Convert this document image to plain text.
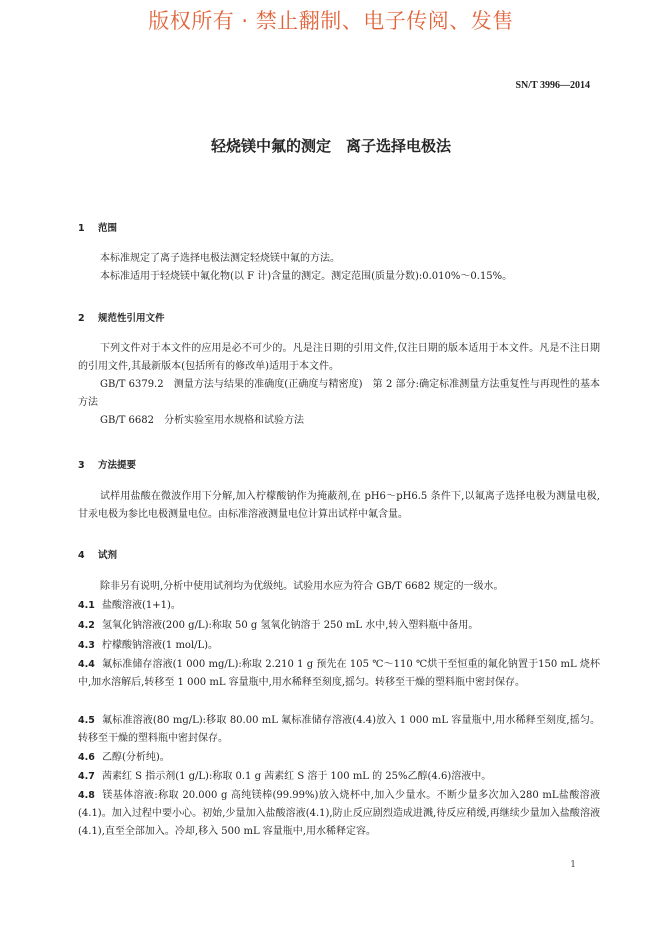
版权所有 · 禁止翻制、电子传阅、发售
SN/T 3996—2014
轻烧镁中氟的测定　离子选择电极法
1 范围
本标准规定了离子选择电极法测定轻烧镁中氟的方法。
本标准适用于轻烧镁中氟化物(以 F 计)含量的测定。测定范围(质量分数):0.010%～0.15%。
2 规范性引用文件
下列文件对于本文件的应用是必不可少的。凡是注日期的引用文件,仅注日期的版本适用于本文件。凡是不注日期的引用文件,其最新版本(包括所有的修改单)适用于本文件。
GB/T 6379.2　测量方法与结果的准确度(正确度与精密度)　第 2 部分:确定标准测量方法重复性与再现性的基本方法
GB/T 6682　分析实验室用水规格和试验方法
3 方法提要
试样用盐酸在微波作用下分解,加入柠檬酸钠作为掩蔽剂,在 pH6～pH6.5 条件下,以氟离子选择电极为测量电极,甘汞电极为参比电极测量电位。由标准溶液测量电位计算出试样中氟含量。
4 试剂
除非另有说明,分析中使用试剂均为优级纯。试验用水应为符合 GB/T 6682 规定的一级水。
4.1 盐酸溶液(1+1)。
4.2 氢氧化钠溶液(200 g/L):称取 50 g 氢氧化钠溶于 250 mL 水中,转入塑料瓶中备用。
4.3 柠檬酸钠溶液(1 mol/L)。
4.4 氟标准储存溶液(1 000 mg/L):称取 2.210 1 g 预先在 105 ℃～110 ℃烘干至恒重的氟化钠置于150 mL 烧杯中,加水溶解后,转移至 1 000 mL 容量瓶中,用水稀释至刻度,摇匀。转移至干燥的塑料瓶中密封保存。
4.5 氟标准溶液(80 mg/L):移取 80.00 mL 氟标准储存溶液(4.4)放入 1 000 mL 容量瓶中,用水稀释至刻度,摇匀。转移至干燥的塑料瓶中密封保存。
4.6 乙醇(分析纯)。
4.7 茜素红 S 指示剂(1 g/L):称取 0.1 g 茜素红 S 溶于 100 mL 的 25%乙醇(4.6)溶液中。
4.8 镁基体溶液:称取 20.000 g 高纯镁棒(99.99%)放入烧杯中,加入少量水。不断少量多次加入280 mL盐酸溶液(4.1)。加入过程中要小心。初始,少量加入盐酸溶液(4.1),防止反应剧烈造成进溅,待反应稍缓,再继续少量加入盐酸溶液(4.1),直至全部加入。冷却,移入 500 mL 容量瓶中,用水稀释定容。
1
